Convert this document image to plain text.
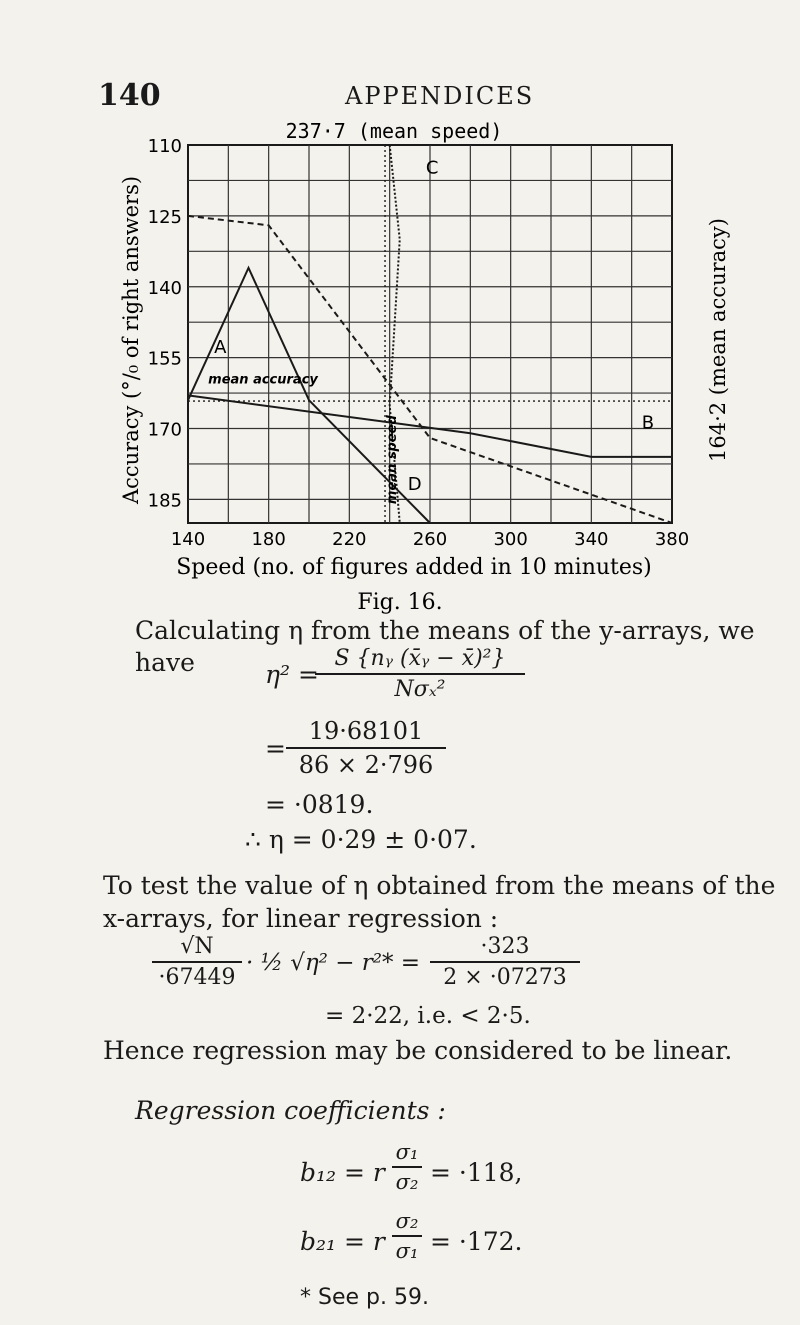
140	APPENDICES
237·7 (mean speed)
A
B
C
D
mean accuracy
mean speed
140	180	220	260	300	340	380
110
125
140
155
170
185
Accuracy (°/₀ of right answers)	164·2 (mean accuracy)
Speed (no. of figures added in 10 minutes)
Fig. 16.
Calculating η from the means of the y-arrays, we have	η² =
S {nᵧ (x̄ᵧ − x̄)²}
Nσₓ²
=
19·68101
86 × 2·796
= ·0819.
∴ η = 0·29 ± 0·07.
To test the value of η obtained from the means of the
x-arrays, for linear regression :
√N
·67449
· ½ √η² − r²* =
·323
2 × ·07273
= 2·22, i.e. < 2·5.
Hence regression may be considered to be linear.
Regression coefficients :
b₁₂ = r
σ₁
σ₂ = ·118,
b₂₁ = r
σ₂
σ₁ = ·172.
* See p. 59.
